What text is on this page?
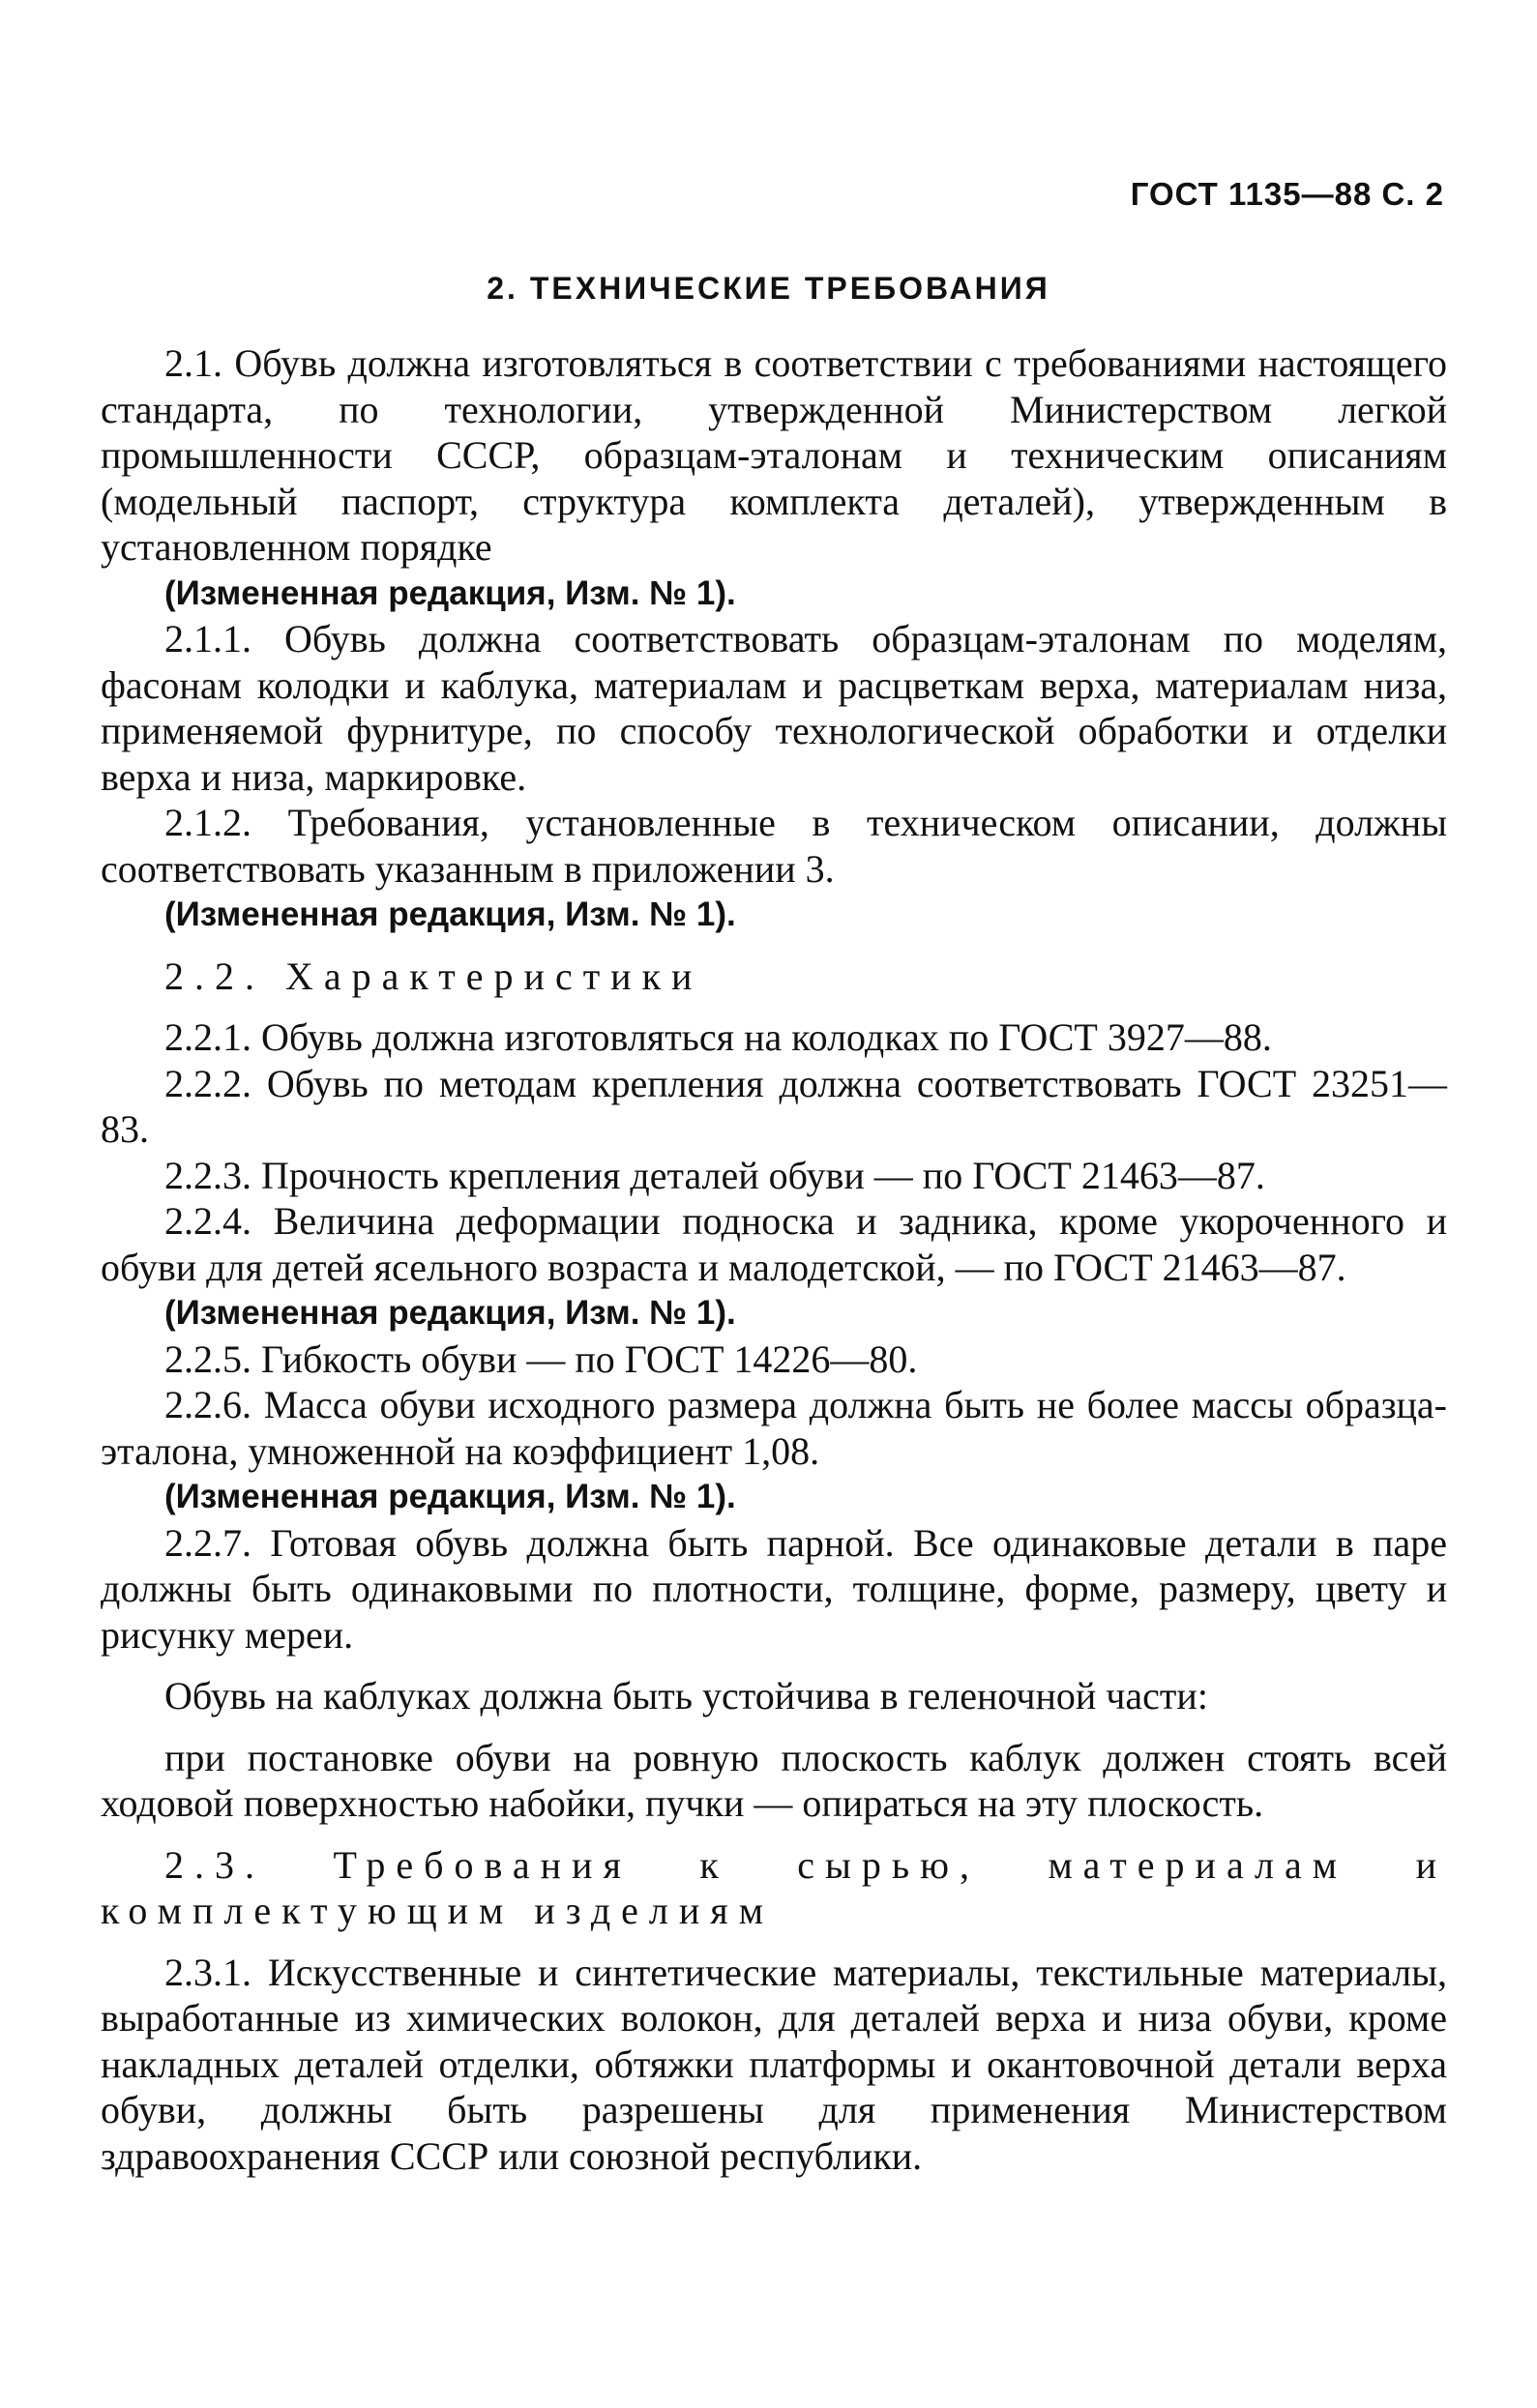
ГОСТ 1135—88 С. 2
2. ТЕХНИЧЕСКИЕ ТРЕБОВАНИЯ

2.1. Обувь должна изготовляться в соответствии с требованиями настоящего стандарта, по технологии, утвержденной Министерством легкой промышленности СССР, образцам-эталонам и техническим описаниям (модельный паспорт, структура комплекта деталей), утвержденным в установленном порядке

(Измененная редакция, Изм. № 1).

2.1.1. Обувь должна соответствовать образцам-эталонам по моделям, фасонам колодки и каблука, материалам и расцветкам верха, материалам низа, применяемой фурнитуре, по способу технологической обработки и отделки верха и низа, маркировке.

2.1.2. Требования, установленные в техническом описании, должны соответствовать указанным в приложении 3.

(Измененная редакция, Изм. № 1).

2.2. Характеристики

2.2.1. Обувь должна изготовляться на колодках по ГОСТ 3927—88.

2.2.2. Обувь по методам крепления должна соответствовать ГОСТ 23251—83.

2.2.3. Прочность крепления деталей обуви — по ГОСТ 21463—87.

2.2.4. Величина деформации подноска и задника, кроме укороченного и обуви для детей ясельного возраста и малодетской, — по ГОСТ 21463—87.

(Измененная редакция, Изм. № 1).

2.2.5. Гибкость обуви — по ГОСТ 14226—80.

2.2.6. Масса обуви исходного размера должна быть не более массы образца-эталона, умноженной на коэффициент 1,08.

(Измененная редакция, Изм. № 1).

2.2.7. Готовая обувь должна быть парной. Все одинаковые детали в паре должны быть одинаковыми по плотности, толщине, форме, размеру, цвету и рисунку мереи.

Обувь на каблуках должна быть устойчива в геленочной части:

при постановке обуви на ровную плоскость каблук должен стоять всей ходовой поверхностью набойки, пучки — опираться на эту плоскость.

2.3. Требования к сырью, материалам и комплектующим изделиям

2.3.1. Искусственные и синтетические материалы, текстильные материалы, выработанные из химических волокон, для деталей верха и низа обуви, кроме накладных деталей отделки, обтяжки платформы и окантовочной детали верха обуви, должны быть разрешены для применения Министерством здравоохранения СССР или союзной республики.
